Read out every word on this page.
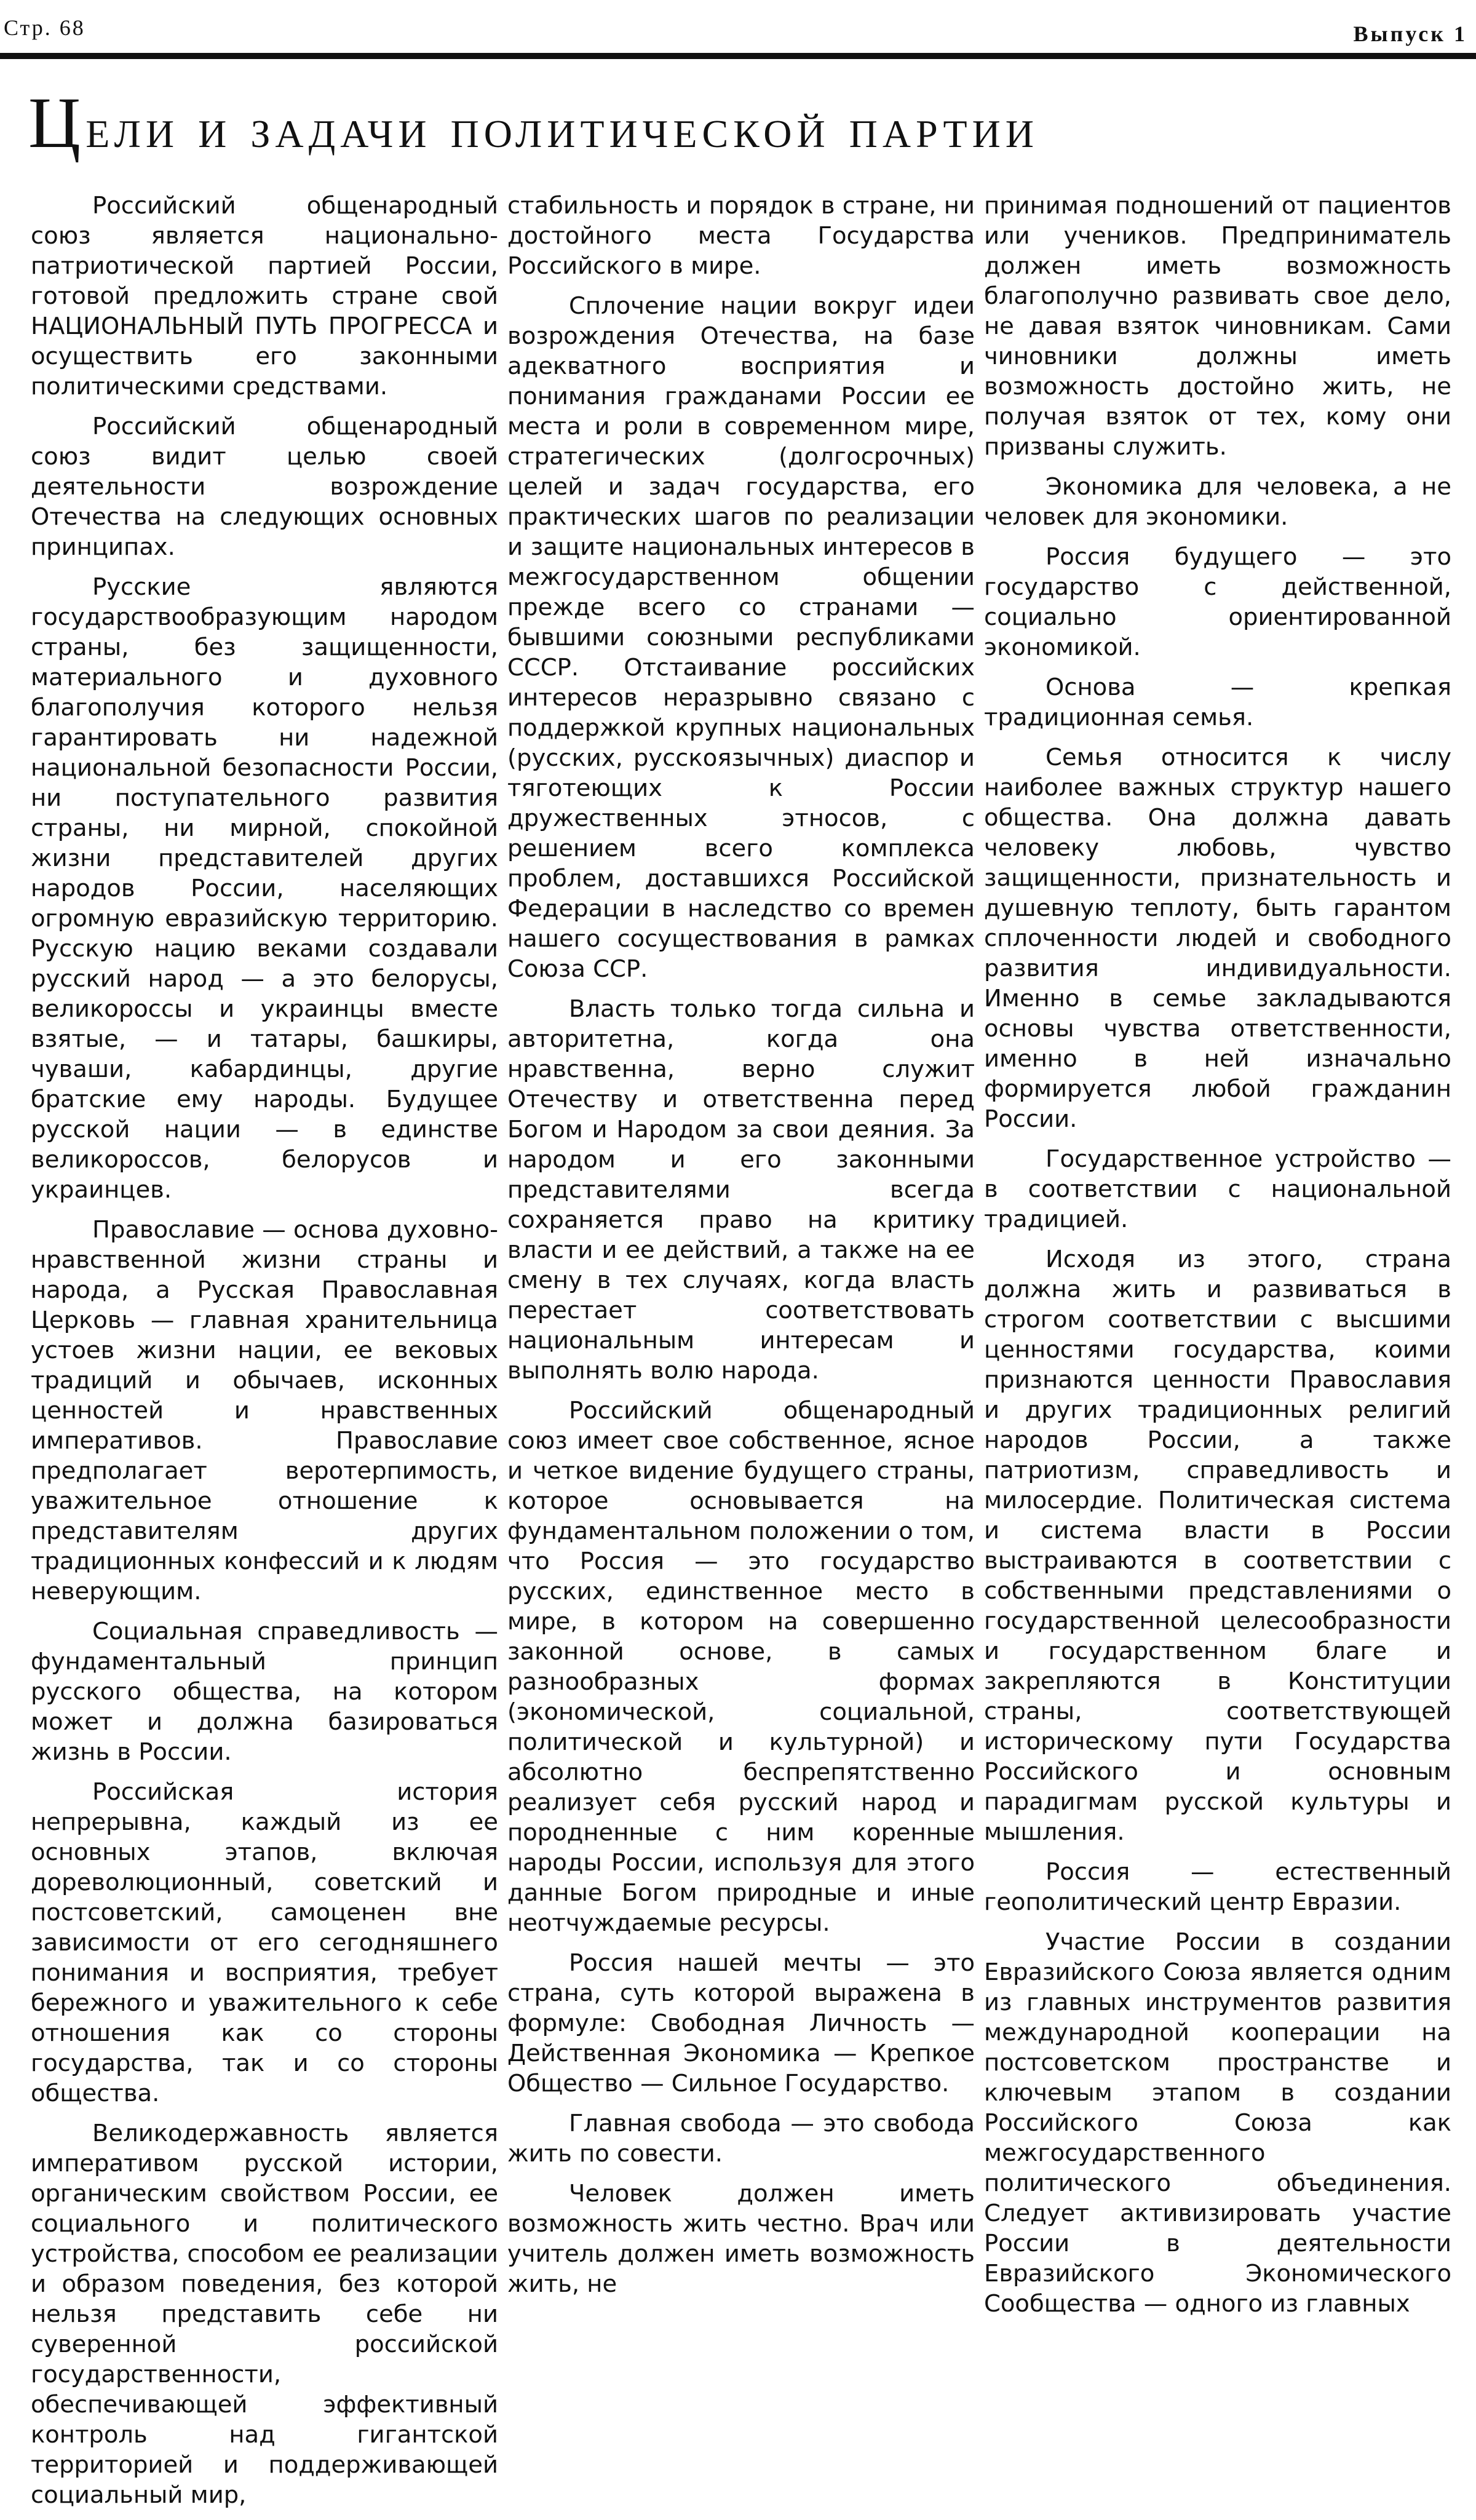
Стр. 68	Выпуск 1
Цели и задачи политической партии

Российский общенародный союз является национально-патриотической партией России, готовой предложить стране свой НАЦИОНАЛЬНЫЙ ПУТЬ ПРОГРЕССА и осуществить его законными политическими средствами.

Российский общенародный союз видит целью своей деятельности возрождение Отечества на следующих основных принципах.

Русские являются государствообразующим народом страны, без защищенности, материального и духовного благополучия которого нельзя гарантировать ни надежной национальной безопасности России, ни поступательного развития страны, ни мирной, спокойной жизни представителей других народов России, населяющих огромную евразийскую территорию. Русскую нацию веками создавали русский народ — а это белорусы, великороссы и украинцы вместе взятые, — и татары, башкиры, чуваши, кабардинцы, другие братские ему народы. Будущее русской нации — в единстве великороссов, белорусов и украинцев.

Православие — основа духовно-нравственной жизни страны и народа, а Русская Православная Церковь — главная хранительница устоев жизни нации, ее вековых традиций и обычаев, исконных ценностей и нравственных императивов. Православие предполагает веротерпимость, уважительное отношение к представителям других традиционных конфессий и к людям неверующим.

Социальная справедливость — фундаментальный принцип русского общества, на котором может и должна базироваться жизнь в России.

Российская история непрерывна, каждый из ее основных этапов, включая дореволюционный, советский и постсоветский, самоценен вне зависимости от его сегодняшнего понимания и восприятия, требует бережного и уважительного к себе отношения как со стороны государства, так и со стороны общества.

Великодержавность является императивом русской истории, органическим свойством России, ее социального и политического устройства, способом ее реализации и образом поведения, без которой нельзя представить себе ни суверенной российской государственности, обеспечивающей эффективный контроль над гигантской территорией и поддерживающей социальный мир,

стабильность и порядок в стране, ни достойного места Государства Российского в мире.

Сплочение нации вокруг идеи возрождения Отечества, на базе адекватного восприятия и понимания гражданами России ее места и роли в современном мире, стратегических (долгосрочных) целей и задач государства, его практических шагов по реализации и защите национальных интересов в межгосударственном общении прежде всего со странами — бывшими союзными республиками СССР. Отстаивание российских интересов неразрывно связано с поддержкой крупных национальных (русских, русскоязычных) диаспор и тяготеющих к России дружественных этносов, с решением всего комплекса проблем, доставшихся Российской Федерации в наследство со времен нашего сосуществования в рамках Союза ССР.

Власть только тогда сильна и авторитетна, когда она нравственна, верно служит Отечеству и ответственна перед Богом и Народом за свои деяния. За народом и его законными представителями всегда сохраняется право на критику власти и ее действий, а также на ее смену в тех случаях, когда власть перестает соответствовать национальным интересам и выполнять волю народа.

Российский общенародный союз имеет свое собственное, ясное и четкое видение будущего страны, которое основывается на фундаментальном положении о том, что Россия — это государство русских, единственное место в мире, в котором на совершенно законной основе, в самых разнообразных формах (экономической, социальной, политической и культурной) и абсолютно беспрепятственно реализует себя русский народ и породненные с ним коренные народы России, используя для этого данные Богом природные и иные неотчуждаемые ресурсы.

Россия нашей мечты — это страна, суть которой выражена в формуле: Свободная Личность — Действенная Экономика — Крепкое Общество — Сильное Государство.

Главная свобода — это свобода жить по совести.

Человек должен иметь возможность жить честно. Врач или учитель должен иметь возможность жить, не

принимая подношений от пациентов или учеников. Предприниматель должен иметь возможность благополучно развивать свое дело, не давая взяток чиновникам. Сами чиновники должны иметь возможность достойно жить, не получая взяток от тех, кому они призваны служить.

Экономика для человека, а не человек для экономики.

Россия будущего — это государство с действенной, социально ориентированной экономикой.

Основа — крепкая традиционная семья.

Семья относится к числу наиболее важных структур нашего общества. Она должна давать человеку любовь, чувство защищенности, признательность и душевную теплоту, быть гарантом сплоченности людей и свободного развития индивидуальности. Именно в семье закладываются основы чувства ответственности, именно в ней изначально формируется любой гражданин России.

Государственное устройство — в соответствии с национальной традицией.

Исходя из этого, страна должна жить и развиваться в строгом соответствии с высшими ценностями государства, коими признаются ценности Православия и других традиционных религий народов России, а также патриотизм, справедливость и милосердие. Политическая система и система власти в России выстраиваются в соответствии с собственными представлениями о государственной целесообразности и государственном благе и закрепляются в Конституции страны, соответствующей историческому пути Государства Российского и основным парадигмам русской культуры и мышления.

Россия — естественный геополитический центр Евразии.

Участие России в создании Евразийского Союза является одним из главных инструментов развития международной кооперации на постсоветском пространстве и ключевым этапом в создании Российского Союза как межгосударственного политического объединения. Следует активизировать участие России в деятельности Евразийского Экономического Сообщества — одного из главных
